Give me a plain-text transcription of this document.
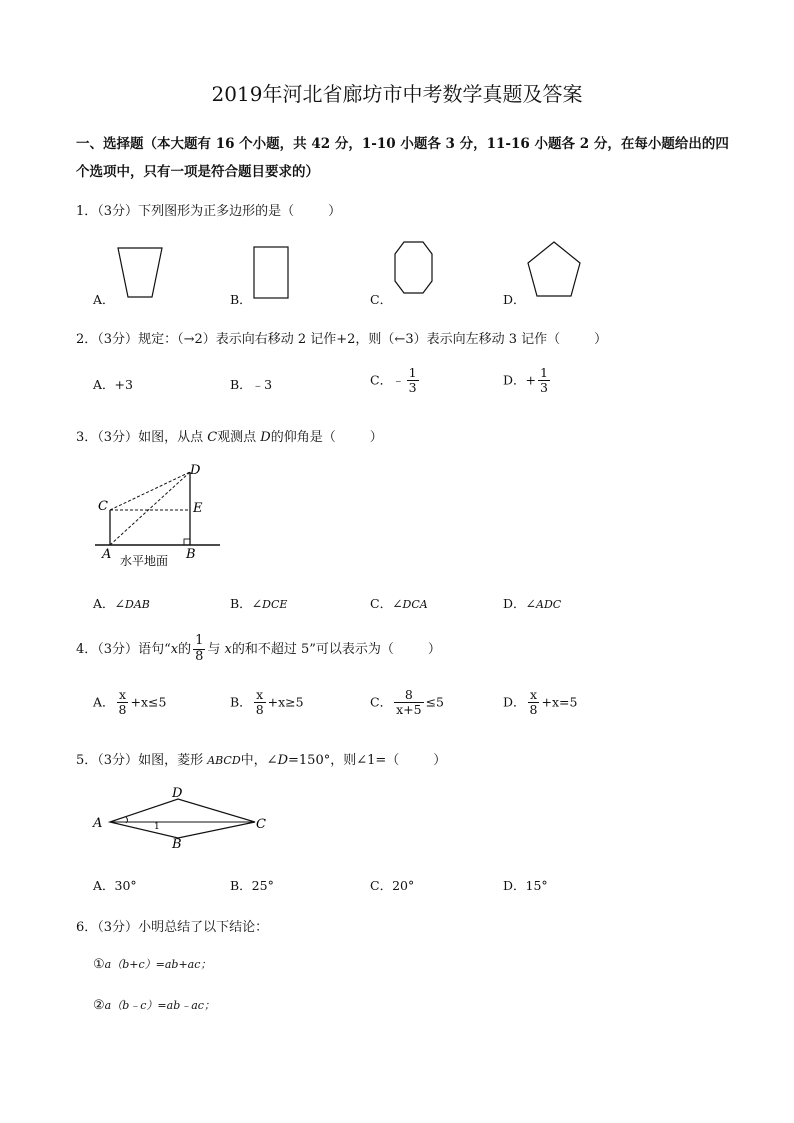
2019年河北省廊坊市中考数学真题及答案
一、选择题（本大题有 16 个小题，共 42 分，1-10 小题各 3 分，11-16 小题各 2 分，在每小题给出的四
个选项中，只有一项是符合题目要求的）
1．（3分）下列图形为正多边形的是（	）
A．	B．	C．	D．
2．（3分）规定：（→2）表示向右移动 2 记作+2，则（←3）表示向左移动 3 记作（	）
A．+3	B．﹣3	C．﹣ $\frac{1}{3}$	D．+ $\frac{1}{3}$
3．（3分）如图，从点 C观测点 D的仰角是（	）
C
D
E
A	B
水平地面
A．∠DAB	B．∠DCE	C．∠DCA	D．∠ADC
4．（3分）语句“x的 $\frac{1}{8}$ 与 x的和不超过 5”可以表示为（	）
A． $\frac{x}{8} +x\le 5$	B． $\frac{x}{8} +x\ge 5$	C． $\frac{8}{x+5} \le 5$	D． $\frac{x}{8} +x=5$
5．（3分）如图，菱形 ABCD中，∠D=150°，则∠1=（	）
A
D
C
B
1
A．30°	B．25°	C．20°	D．15°
6．（3分）小明总结了以下结论：
①a（b+c）=ab+ac；
②a（b﹣c）=ab﹣ac；
